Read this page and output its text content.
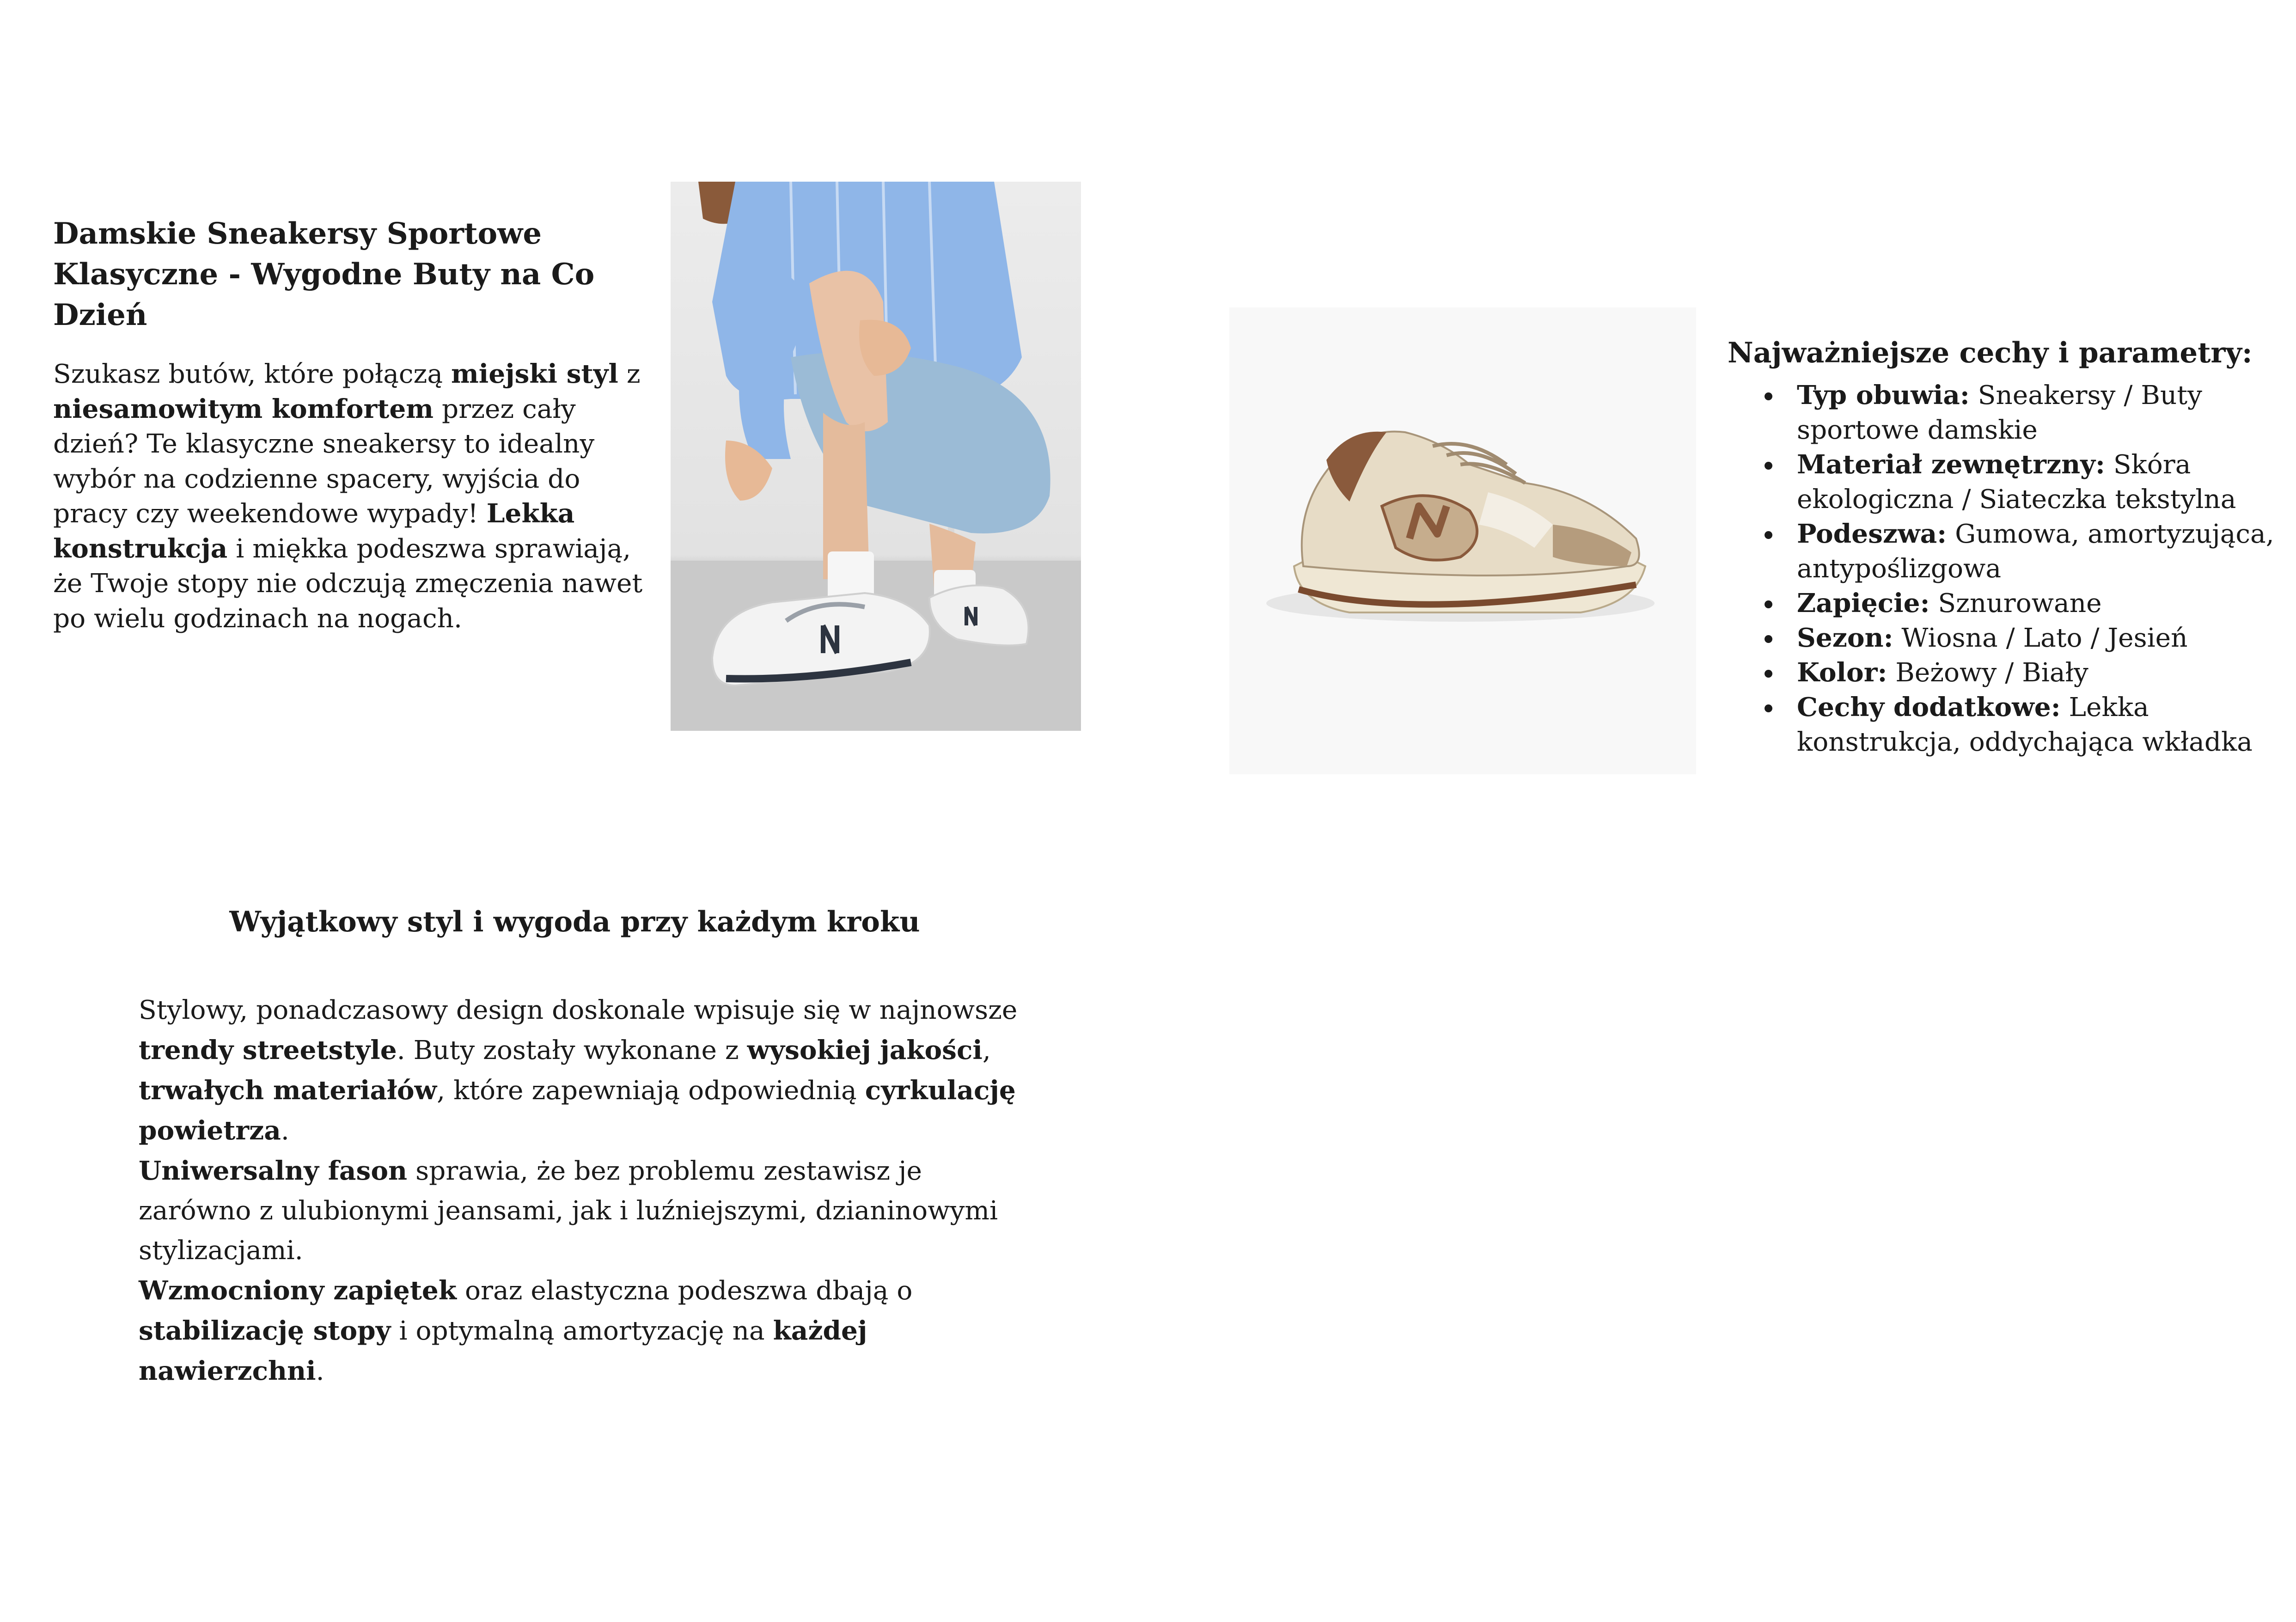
Damskie Sneakersy Sportowe Klasyczne - Wygodne Buty na Co Dzień

Szukasz butów, które połączą miejski styl z niesamowitym komfortem przez cały dzień? Te klasyczne sneakersy to idealny wybór na codzienne spacery, wyjścia do pracy czy weekendowe wypady! Lekka konstrukcja i miękka podeszwa sprawiają, że Twoje stopy nie odczują zmęczenia nawet po wielu godzinach na nogach.

Najważniejsze cechy i parametry:
Typ obuwia: Sneakersy / Buty sportowe damskie
Materiał zewnętrzny: Skóra ekologiczna / Siateczka tekstylna
Podeszwa: Gumowa, amortyzująca, antypoślizgowa
Zapięcie: Sznurowane
Sezon: Wiosna / Lato / Jesień
Kolor: Beżowy / Biały
Cechy dodatkowe: Lekka konstrukcja, oddychająca wkładka
Wyjątkowy styl i wygoda przy każdym kroku
Stylowy, ponadczasowy design doskonale wpisuje się w najnowsze trendy streetstyle. Buty zostały wykonane z wysokiej jakości, trwałych materiałów, które zapewniają odpowiednią cyrkulację powietrza.
Uniwersalny fason sprawia, że bez problemu zestawisz je zarówno z ulubionymi jeansami, jak i luźniejszymi, dzianinowymi stylizacjami.
Wzmocniony zapiętek oraz elastyczna podeszwa dbają o stabilizację stopy i optymalną amortyzację na każdej nawierzchni.
